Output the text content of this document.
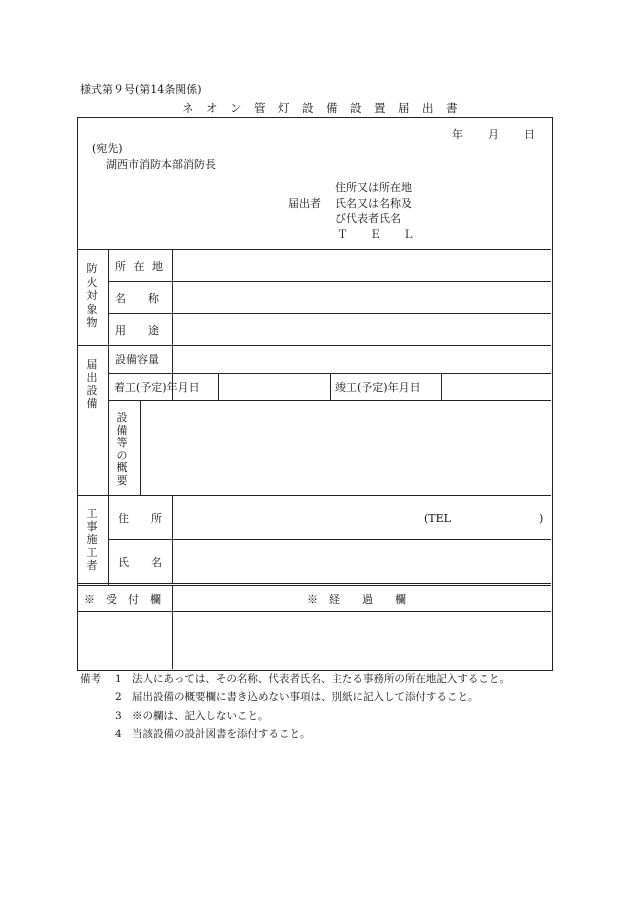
様式第９号(第14条関係)
ネ　オ　ン　管　灯　設　備　設　置　届　出　書
年 月 日
(宛先)
湖西市消防本部消防長
届出者
住所又は所在地
氏名又は名称及
び代表者氏名
Ｔ　　Ｅ　　Ｌ
防火対象物
所 在 地
名　　称
用　　途
届　出　設　備
設備容量
着工(予定)年月日	竣工(予定)年月日
設備等の概要
工事施工者
住　　所	(TEL	)
氏　　名
※　受　付　欄	※　経　　過　　欄
備考 1 法人にあっては、その名称、代表者氏名、主たる事務所の所在地記入すること。
2 届出設備の概要欄に書き込めない事項は、別紙に記入して添付すること。
3 ※の欄は、記入しないこと。
4 当該設備の設計図書を添付すること。
